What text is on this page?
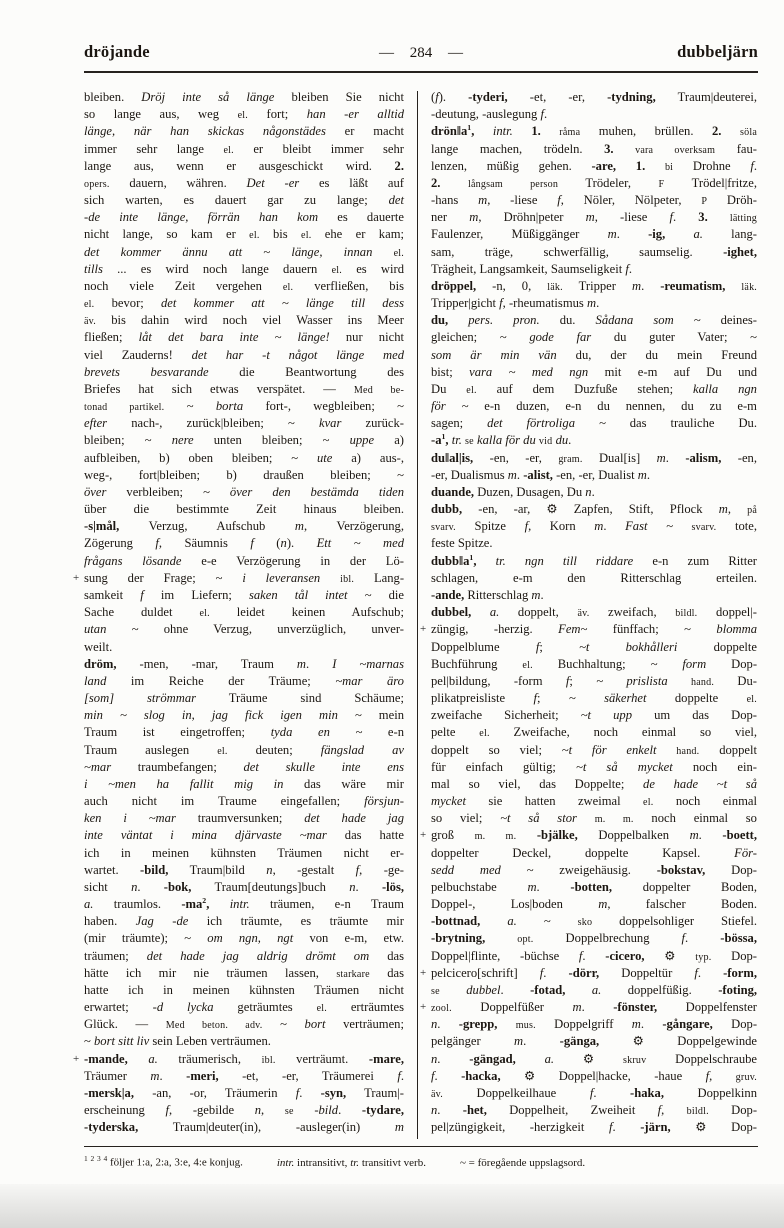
dröjande	— 284 —	dubbeljärn
bleiben. Dröj inte så länge bleiben Sie nicht
so lange aus, weg el. fort; han -er alltid
länge, när han skickas någonstädes er macht
immer sehr lange el. er bleibt immer sehr
lange aus, wenn er ausgeschickt wird. 2.
opers. dauern, währen. Det -er es läßt auf
sich warten, es dauert gar zu lange; det
-de inte länge, förrän han kom es dauerte
nicht lange, so kam er el. bis el. ehe er kam;
det kommer ännu att ~ länge, innan el.
tills ... es wird noch lange dauern el. es wird
noch viele Zeit vergehen el. verfließen, bis
el. bevor; det kommer att ~ länge till dess
äv. bis dahin wird noch viel Wasser ins Meer
fließen; låt det bara inte ~ länge! nur nicht
viel Zauderns! det har -t något länge med
brevets besvarande die Beantwortung des
Briefes hat sich etwas verspätet. — Med be-
tonad partikel. ~ borta fort-, wegbleiben; ~
efter nach-, zurück|bleiben; ~ kvar zurück-
bleiben; ~ nere unten bleiben; ~ uppe a)
aufbleiben, b) oben bleiben; ~ ute a) aus-,
weg-, fort|bleiben; b) draußen bleiben; ~
över verbleiben; ~ över den bestämda tiden
über die bestimmte Zeit hinaus bleiben.
-s|mål, Verzug, Aufschub m, Verzögerung,
Zögerung f, Säumnis f (n). Ett ~ med
frågans lösande e-e Verzögerung in der Lö-
+ sung der Frage; ~ i leveransen ibl. Lang-
samkeit f im Liefern; saken tål intet ~ die
Sache duldet el. leidet keinen Aufschub;
utan ~ ohne Verzug, unverzüglich, unver-
weilt.
dröm, -men, -mar, Traum m. I ~marnas
land im Reiche der Träume; ~mar äro
[som] strömmar Träume sind Schäume;
min ~ slog in, jag fick igen min ~ mein
Traum ist eingetroffen; tyda en ~ e-n
Traum auslegen el. deuten; fängslad av
~mar traumbefangen; det skulle inte ens
i ~men ha fallit mig in das wäre mir
auch nicht im Traume eingefallen; försjun-
ken i ~mar traumversunken; det hade jag
inte väntat i mina djärvaste ~mar das hatte
ich in meinen kühnsten Träumen nicht er-
wartet. -bild, Traum|bild n, -gestalt f, -ge-
sicht n. -bok, Traum[deutungs]buch n. -lös,
a. traumlos. $-ma^2$, intr. träumen, e-n Traum
haben. Jag -de ich träumte, es träumte mir
(mir träumte); ~ om ngn, ngt von e-m, etw.
träumen; det hade jag aldrig drömt om das
hätte ich mir nie träumen lassen, starkare das
hatte ich in meinen kühnsten Träumen nicht
erwartet; -d lycka geträumtes el. erträumtes
Glück. — Med beton. adv. ~ bort verträumen;
~ bort sitt liv sein Leben verträumen.
+ -mande, a. träumerisch, ibl. verträumt. -mare,
Träumer m. -meri, -et, -er, Träumerei f.
-mersk|a, -an, -or, Träumerin f. -syn, Traum|-
erscheinung f, -gebilde n, se -bild. -tydare,
-tyderska, Traum|deuter(in), -ausleger(in) m
(f). -tyderi, -et, -er, -tydning, Traum|deuterei,
-deutung, -auslegung f.
$drön‖a^1$, intr. 1. råma muhen, brüllen. 2. söla
lange machen, trödeln. 3. vara overksam fau-
lenzen, müßig gehen. -are, 1. bi Drohne f.
2.	långsam person Trödeler, F Trödel|fritze,
-hans m, -liese f, Nöler, Nölpeter, P Dröh-
ner m, Dröhn|peter m, -liese f. 3. lätting
Faulenzer, Müßiggänger m. -ig, a. lang-
sam, träge, schwerfällig, saumselig. -ighet,
Trägheit, Langsamkeit, Saumseligkeit f.
dröppel, -n, 0, läk. Tripper m. -reumatism, läk.
Tripper|gicht f, -rheumatismus m.
du, pers. pron. du. Sådana som ~ deines-
gleichen; ~ gode far du guter Vater; ~
som är min vän du, der du mein Freund
bist; vara ~ med ngn mit e-m auf Du und
Du el. auf dem Duzfuße stehen; kalla ngn
för ~ e-n duzen, e-n du nennen, du zu e-m
sagen; det förtroliga ~ das trauliche Du.
$-a^1$, tr. se kalla för du vid du.
du‖al|is, -en, -er, gram. Dual[is] m. -alism, -en,
-er, Dualismus m. -alist, -en, -er, Dualist m.
duande, Duzen, Dusagen, Du n.
dubb, -en, -ar, ⚙ Zapfen, Stift, Pflock m, på
svarv. Spitze f, Korn m. Fast ~ svarv. tote,
feste Spitze.
$dubb‖a^1$, tr. ngn till riddare e-n zum Ritter
schlagen, e-m den Ritterschlag erteilen.
-ande, Ritterschlag m.
dubbel, a. doppelt, äv. zweifach, bildl. doppel|-
+ züngig, -herzig. Fem~ fünffach; ~ blomma
Doppelblume f; ~t bokhålleri doppelte
Buchführung el. Buchhaltung; ~ form Dop-
pel|bildung, -form f; ~ prislista hand. Du-
plikatpreisliste f; ~ säkerhet doppelte el.
zweifache Sicherheit; ~t upp um das Dop-
pelte el. Zweifache, noch einmal so viel,
doppelt so viel; ~t för enkelt hand. doppelt
für einfach gültig; ~t så mycket noch ein-
mal so viel, das Doppelte; de hade ~t så
mycket sie hatten zweimal el. noch einmal
so viel; ~t så stor m. m. noch einmal so
+ groß m. m. -bjälke, Doppelbalken m. -boett,
doppelter Deckel, doppelte Kapsel. För-
sedd med ~ zweigehäusig. -bokstav, Dop-
pelbuchstabe m. -botten, doppelter Boden,
Doppel-, Los|boden m, falscher Boden.
-bottnad, a. ~	sko doppelsohliger Stiefel.
-brytning,	opt. Doppelbrechung f. -bössa,
Doppel|flinte, -büchse f. -cicero, ⚙ typ. Dop-
+ pelcicero[schrift] f. -dörr, Doppeltür f. -form,
se dubbel. -fotad, a. doppelfüßig. -foting,
+ zool. Doppelfüßer m. -fönster, Doppelfenster
n. -grepp, mus. Doppelgriff m. -gångare, Dop-
pelgänger m. -gänga, ⚙ Doppelgewinde
n. -gängad, a. ⚙ skruv Doppelschraube
f. -hacka, ⚙ Doppel|hacke, -haue f, gruv.
äv. Doppelkeilhaue f. -haka, Doppelkinn
n. -het, Doppelheit, Zweiheit f, bildl. Dop-
pel|züngigkeit, -herzigkeit f. -järn, ⚙ Dop-
$^1$ $^2$ $^3$ $^4$ följer 1:a, 2:a, 3:e, 4:e konjug.	intr. intransitivt, tr. transitivt verb.	~ = föregående uppslagsord.
